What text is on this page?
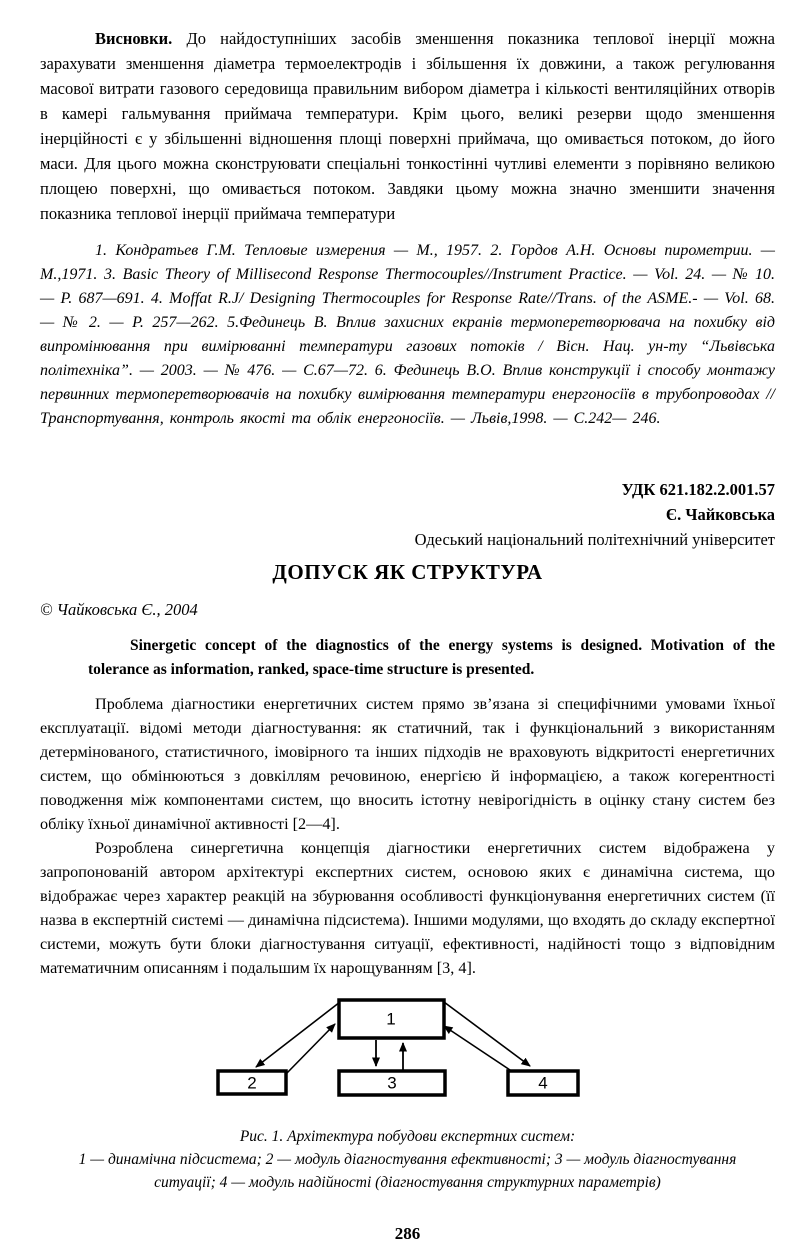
Висновки. До найдоступніших засобів зменшення показника теплової інерції можна зарахувати зменшення діаметра термоелектродів і збільшення їх довжини, а також регулювання масової витрати газового середовища правильним вибором діаметра і кількості вентиляційних отворів в камері гальмування приймача температури. Крім цього, великі резерви щодо зменшення інерційності є у збільшенні відношення площі поверхні приймача, що омивається потоком, до його маси. Для цього можна сконструювати спеціальні тонкостінні чутливі елементи з порівняно великою площею поверхні, що омивається потоком. Завдяки цьому можна значно зменшити значення показника теплової інерції приймача температури

1. Кондратьев Г.М. Тепловые измерения — М., 1957. 2. Гордов А.Н. Основы пирометрии. — М.,1971. 3. Basic Theory of Millisecond Response Thermocouples//Instrument Practice. — Vol. 24. — № 10. — P. 687—691. 4. Moffat R.J/ Designing Thermocouples for Response Rate//Trans. of the ASME.- — Vol. 68. — № 2. — P. 257—262. 5.Фединець В. Вплив захисних екранів термоперетворювача на похибку від випромінювання при вимірюванні температури газових потоків / Вісн. Нац. ун-ту “Львівська політехніка”. — 2003. — № 476. — С.67—72. 6. Фединець В.О. Вплив конструкції і способу монтажу первинних термоперетворювачів на похибку вимірювання температури енергоносіїв в трубопроводах // Транспортування, контроль якості та облік енергоносіїв. — Львів,1998. — С.242— 246.

УДК 621.182.2.001.57
Є. Чайковська
Одеський національний політехнічний університет
ДОПУСК ЯК СТРУКТУРА

© Чайковська Є., 2004

Sinergetic concept of the diagnostics of the energy systems is designed. Motivation of the tolerance as information, ranked, space-time structure is presented.

Проблема діагностики енергетичних систем прямо зв’язана зі специфічними умовами їхньої експлуатації. відомі методи діагностування: як статичний, так і функціональний з використанням детермінованого, статистичного, імовірного та інших підходів не враховують відкритості енергетичних систем, що обмінюються з довкіллям речовиною, енергією й інформацією, а також когерентності поводження між компонентами систем, що вносить істотну невірогідність в оцінку стану систем без обліку їхньої динамічної активності [2—4].

Розроблена синергетична концепція діагностики енергетичних систем відображена у запропонованій автором архітектурі експертних систем, основою яких є динамічна система, що відображає через характер реакцій на збурювання особливості функціонування енергетичних систем (її назва в експертній системі — динамічна підсистема). Іншими модулями, що входять до складу експертної системи, можуть бути блоки діагностування ситуації, ефективності, надійності тощо з відповідним математичним описанням і подальшим їх нарощуванням [3, 4].

1
2	3	4
Рис. 1. Архітектура побудови експертних систем:
1 — динамічна підсистема; 2 — модуль діагностування ефективності; 3 — модуль діагностування ситуації; 4 — модуль надійності (діагностування структурних параметрів)
286
